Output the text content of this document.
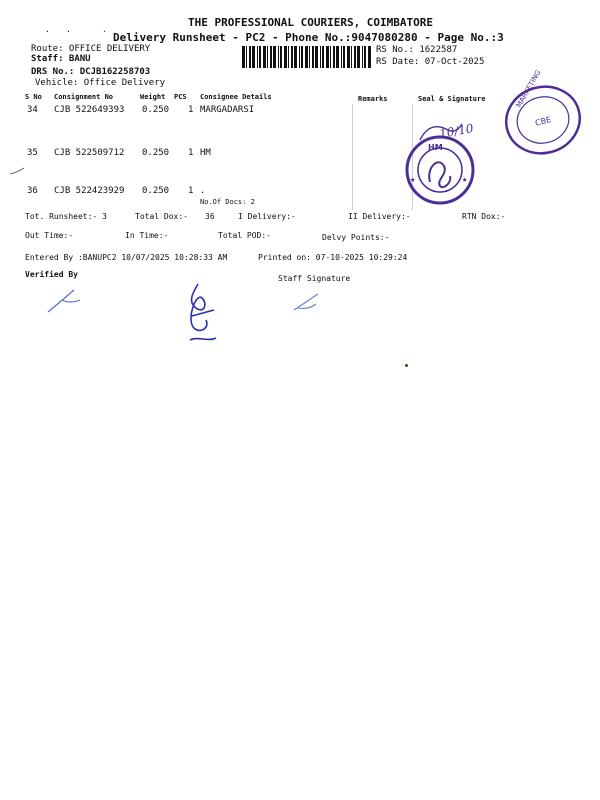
THE PROFESSIONAL COURIERS, COIMBATORE
· ·	· Delivery Runsheet - PC2 - Phone No.:9047080280 - Page No.:3
Route: OFFICE DELIVERY
Staff: BANU
DRS No.: DCJB162258703
Vehicle: Office Delivery
RS No.: 1622587
RS Date: 07-Oct-2025
S No Consignment No	Weight PCS Consignee Details	Remarks	Seal & Signature
34 CJB 522649393 0.250 1 MARGADARSI
35 CJB 522509712 0.250 1 HM
36 CJB 522423929 0.250 1 .
No.Of Docs: 2
Tot. Runsheet:- 3	Total Dox:- 36	I Delivery:-	II Delivery:-	RTN Dox:-
Out Time:-	In Time:-	Total POD:-	Delvy Points:-
Entered By :BANUPC2 10/07/2025 10:28:33 AM	Printed on: 07-10-2025 10:29:24
Verified By	Staff Signature
MARKETING
CBE
HM
★	★
10/10
